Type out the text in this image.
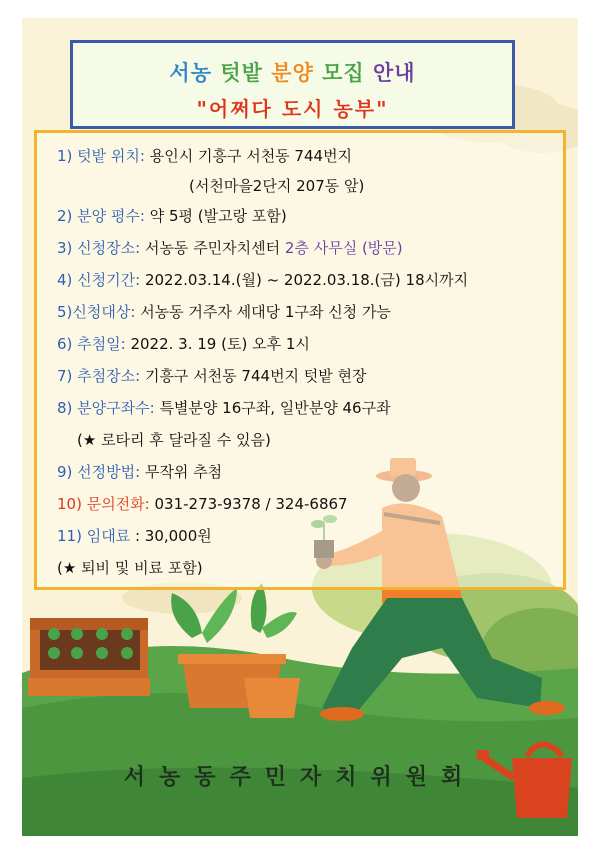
서농 텃밭 분양 모집 안내
"어쩌다 도시 농부"
1) 텃밭 위치: 용인시 기흥구 서천동 744번지
(서천마을2단지 207동 앞)
2) 분양 평수: 약 5평 (발고랑 포함)
3) 신청장소: 서농동 주민자치센터 2층 사무실 (방문)
4) 신청기간: 2022.03.14.(월) ~ 2022.03.18.(금) 18시까지
5)신청대상: 서농동 거주자 세대당 1구좌 신청 가능
6) 추첨일: 2022. 3. 19 (토) 오후 1시
7) 추첨장소: 기흥구 서천동 744번지 텃밭 현장
8) 분양구좌수: 특별분양 16구좌, 일반분양 46구좌
(★ 로타리 후 달라질 수 있음)
9) 선정방법: 무작위 추첨
10) 문의전화: 031-273-9378 / 324-6867
11) 임대료 : 30,000원
(★ 퇴비 및 비료 포함)
서농동주민자치위원회
